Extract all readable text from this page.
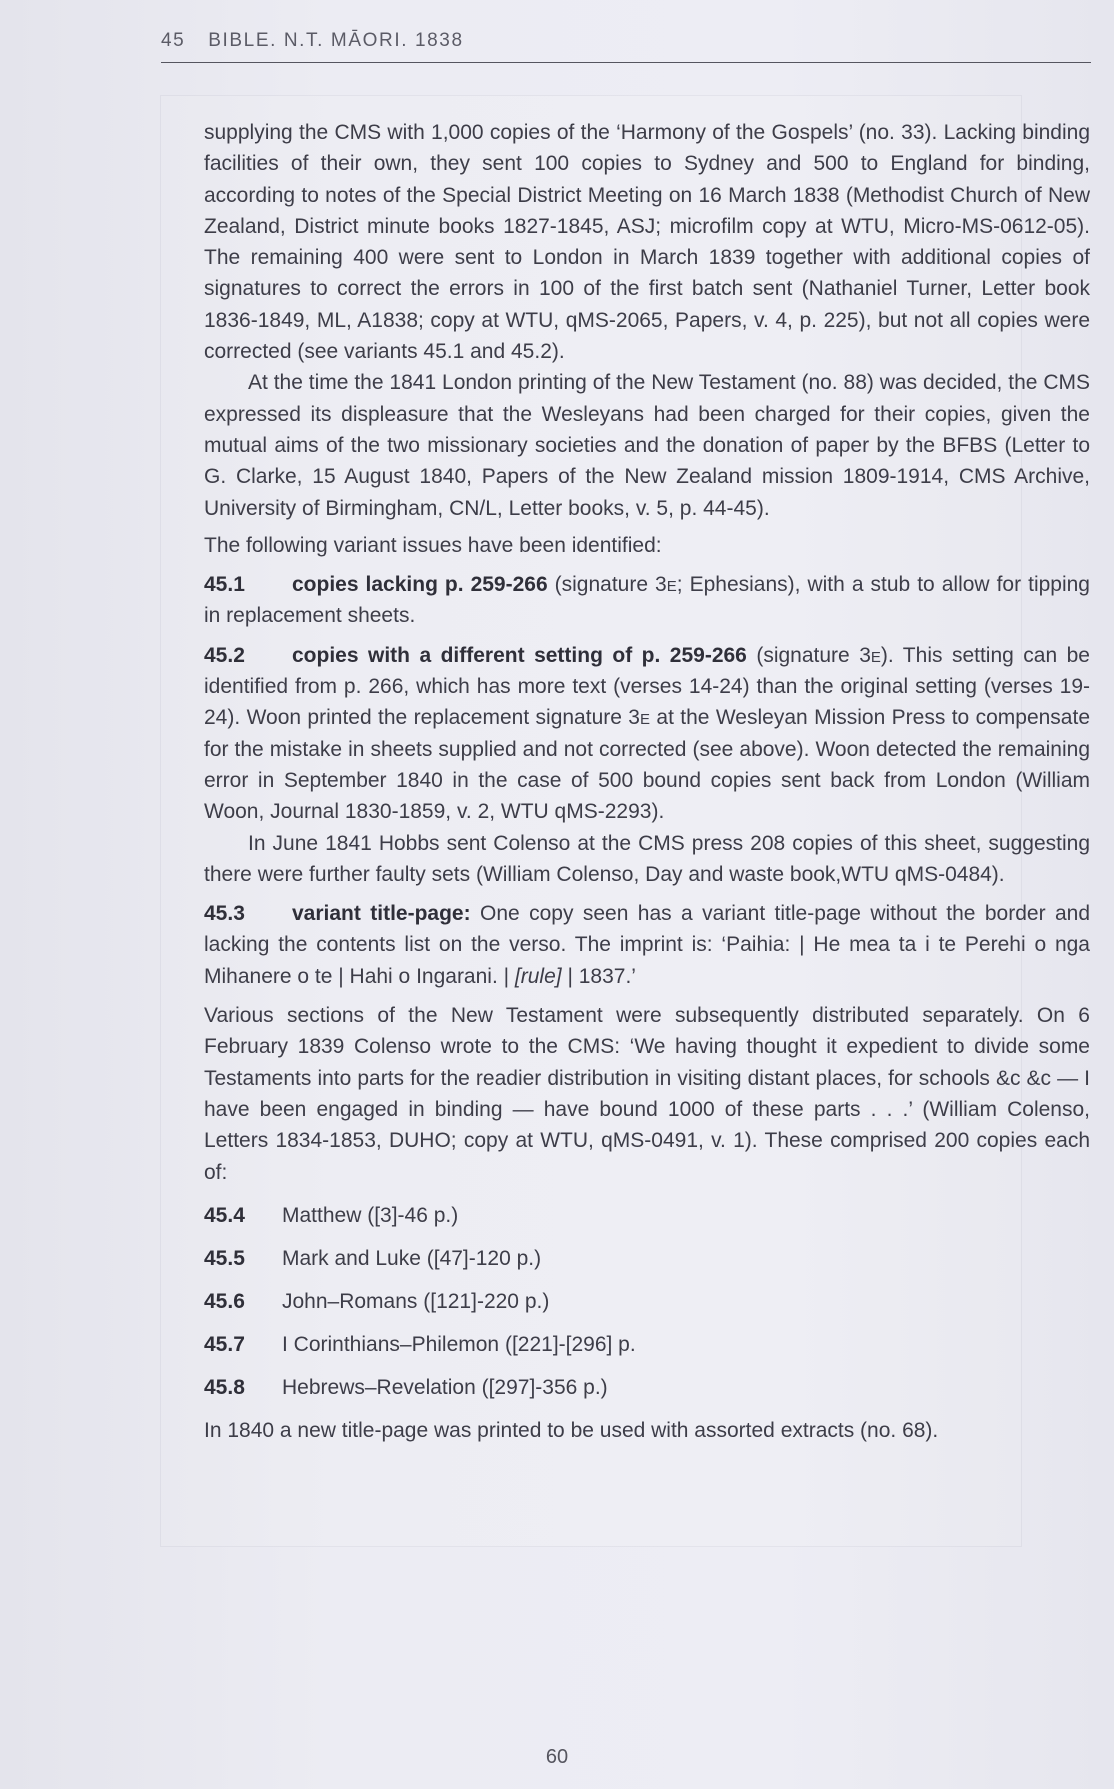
45 BIBLE. N.T. MĀORI. 1838

supplying the CMS with 1,000 copies of the ‘Harmony of the Gospels’ (no. 33). Lacking binding facilities of their own, they sent 100 copies to Sydney and 500 to England for binding, according to notes of the Special District Meeting on 16 March 1838 (Methodist Church of New Zealand, District minute books 1827-1845, ASJ; microfilm copy at WTU, Micro-MS-0612-05). The remaining 400 were sent to London in March 1839 together with additional copies of signatures to correct the errors in 100 of the first batch sent (Nathaniel Turner, Letter book 1836-1849, ML, A1838; copy at WTU, qMS-2065, Papers, v. 4, p. 225), but not all copies were corrected (see variants 45.1 and 45.2).

At the time the 1841 London printing of the New Testament (no. 88) was decided, the CMS expressed its displeasure that the Wesleyans had been charged for their copies, given the mutual aims of the two missionary societies and the donation of paper by the BFBS (Letter to G. Clarke, 15 August 1840, Papers of the New Zealand mission 1809-1914, CMS Archive, University of Birmingham, CN/L, Letter books, v. 5, p. 44-45).

The following variant issues have been identified:

45.1 copies lacking p. 259-266 (signature 3e; Ephesians), with a stub to allow for tipping in replacement sheets.

45.2 copies with a different setting of p. 259-266 (signature 3e). This setting can be identified from p. 266, which has more text (verses 14-24) than the original setting (verses 19-24). Woon printed the replacement signature 3e at the Wesleyan Mission Press to compensate for the mistake in sheets supplied and not corrected (see above). Woon detected the remaining error in September 1840 in the case of 500 bound copies sent back from London (William Woon, Journal 1830-1859, v. 2, WTU qMS-2293).

In June 1841 Hobbs sent Colenso at the CMS press 208 copies of this sheet, suggesting there were further faulty sets (William Colenso, Day and waste book,WTU qMS-0484).

45.3 variant title-page: One copy seen has a variant title-page without the border and lacking the contents list on the verso. The imprint is: ‘Paihia: | He mea ta i te Perehi o nga Mihanere o te | Hahi o Ingarani. | [rule] | 1837.’

Various sections of the New Testament were subsequently distributed separately. On 6 February 1839 Colenso wrote to the CMS: ‘We having thought it expedient to divide some Testaments into parts for the readier distribution in visiting distant places, for schools &c &c — I have been engaged in binding — have bound 1000 of these parts . . .’ (William Colenso, Letters 1834-1853, DUHO; copy at WTU, qMS-0491, v. 1). These comprised 200 copies each of:

45.4 Matthew ([3]-46 p.)

45.5 Mark and Luke ([47]-120 p.)

45.6 John–Romans ([121]-220 p.)

45.7 I Corinthians–Philemon ([221]-[296] p.

45.8 Hebrews–Revelation ([297]-356 p.)

In 1840 a new title-page was printed to be used with assorted extracts (no. 68).

60
